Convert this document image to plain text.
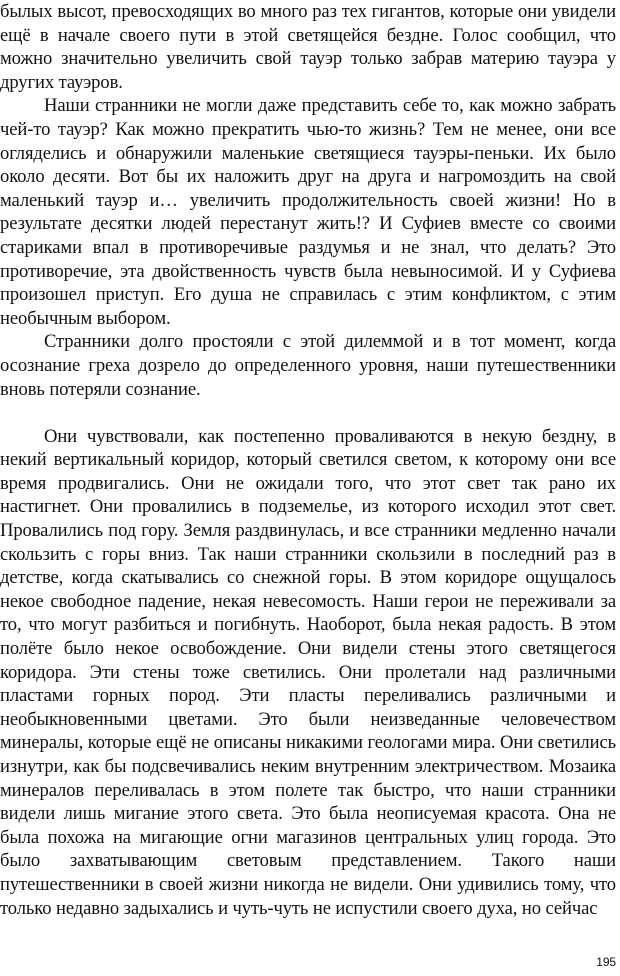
былых высот, превосходящих во много раз тех гигантов, которые они увидели ещё в начале своего пути в этой светящейся бездне. Голос сообщил, что можно значительно увеличить свой тауэр только забрав материю тауэра у других тауэров.

Наши странники не могли даже представить себе то, как можно забрать чей-то тауэр? Как можно прекратить чью-то жизнь? Тем не менее, они все огляделись и обнаружили маленькие светящиеся тауэры-пеньки. Их было около десяти. Вот бы их наложить друг на друга и нагромоздить на свой маленький тауэр и… увеличить продолжительность своей жизни! Но в результате десятки людей перестанут жить!? И Суфиев вместе со своими стариками впал в противоречивые раздумья и не знал, что делать? Это противоречие, эта двойственность чувств была невыносимой. И у Суфиева произошел приступ. Его душа не справилась с этим конфликтом, с этим необычным выбором.

Странники долго простояли с этой дилеммой и в тот момент, когда осознание греха дозрело до определенного уровня, наши путешественники вновь потеряли сознание.

Они чувствовали, как постепенно проваливаются в некую бездну, в некий вертикальный коридор, который светился светом, к которому они все время продвигались. Они не ожидали того, что этот свет так рано их настигнет. Они провалились в подземелье, из которого исходил этот свет. Провалились под гору. Земля раздвинулась, и все странники медленно начали скользить с горы вниз. Так наши странники скользили в последний раз в детстве, когда скатывались со снежной горы. В этом коридоре ощущалось некое свободное падение, некая невесомость. Наши герои не переживали за то, что могут разбиться и погибнуть. Наоборот, была некая радость. В этом полёте было некое освобождение. Они видели стены этого светящегося коридора. Эти стены тоже светились. Они пролетали над различными пластами горных пород. Эти пласты переливались различными и необыкновенными цветами. Это были неизведанные человечеством минералы, которые ещё не описаны никакими геологами мира. Они светились изнутри, как бы подсвечивались неким внутренним электричеством. Мозаика минералов переливалась в этом полете так быстро, что наши странники видели лишь мигание этого света. Это была неописуемая красота. Она не была похожа на мигающие огни магазинов центральных улиц города. Это было захватывающим световым представлением. Такого наши путешественники в своей жизни никогда не видели. Они удивились тому, что только недавно задыхались и чуть-чуть не испустили своего духа, но сейчас

195
